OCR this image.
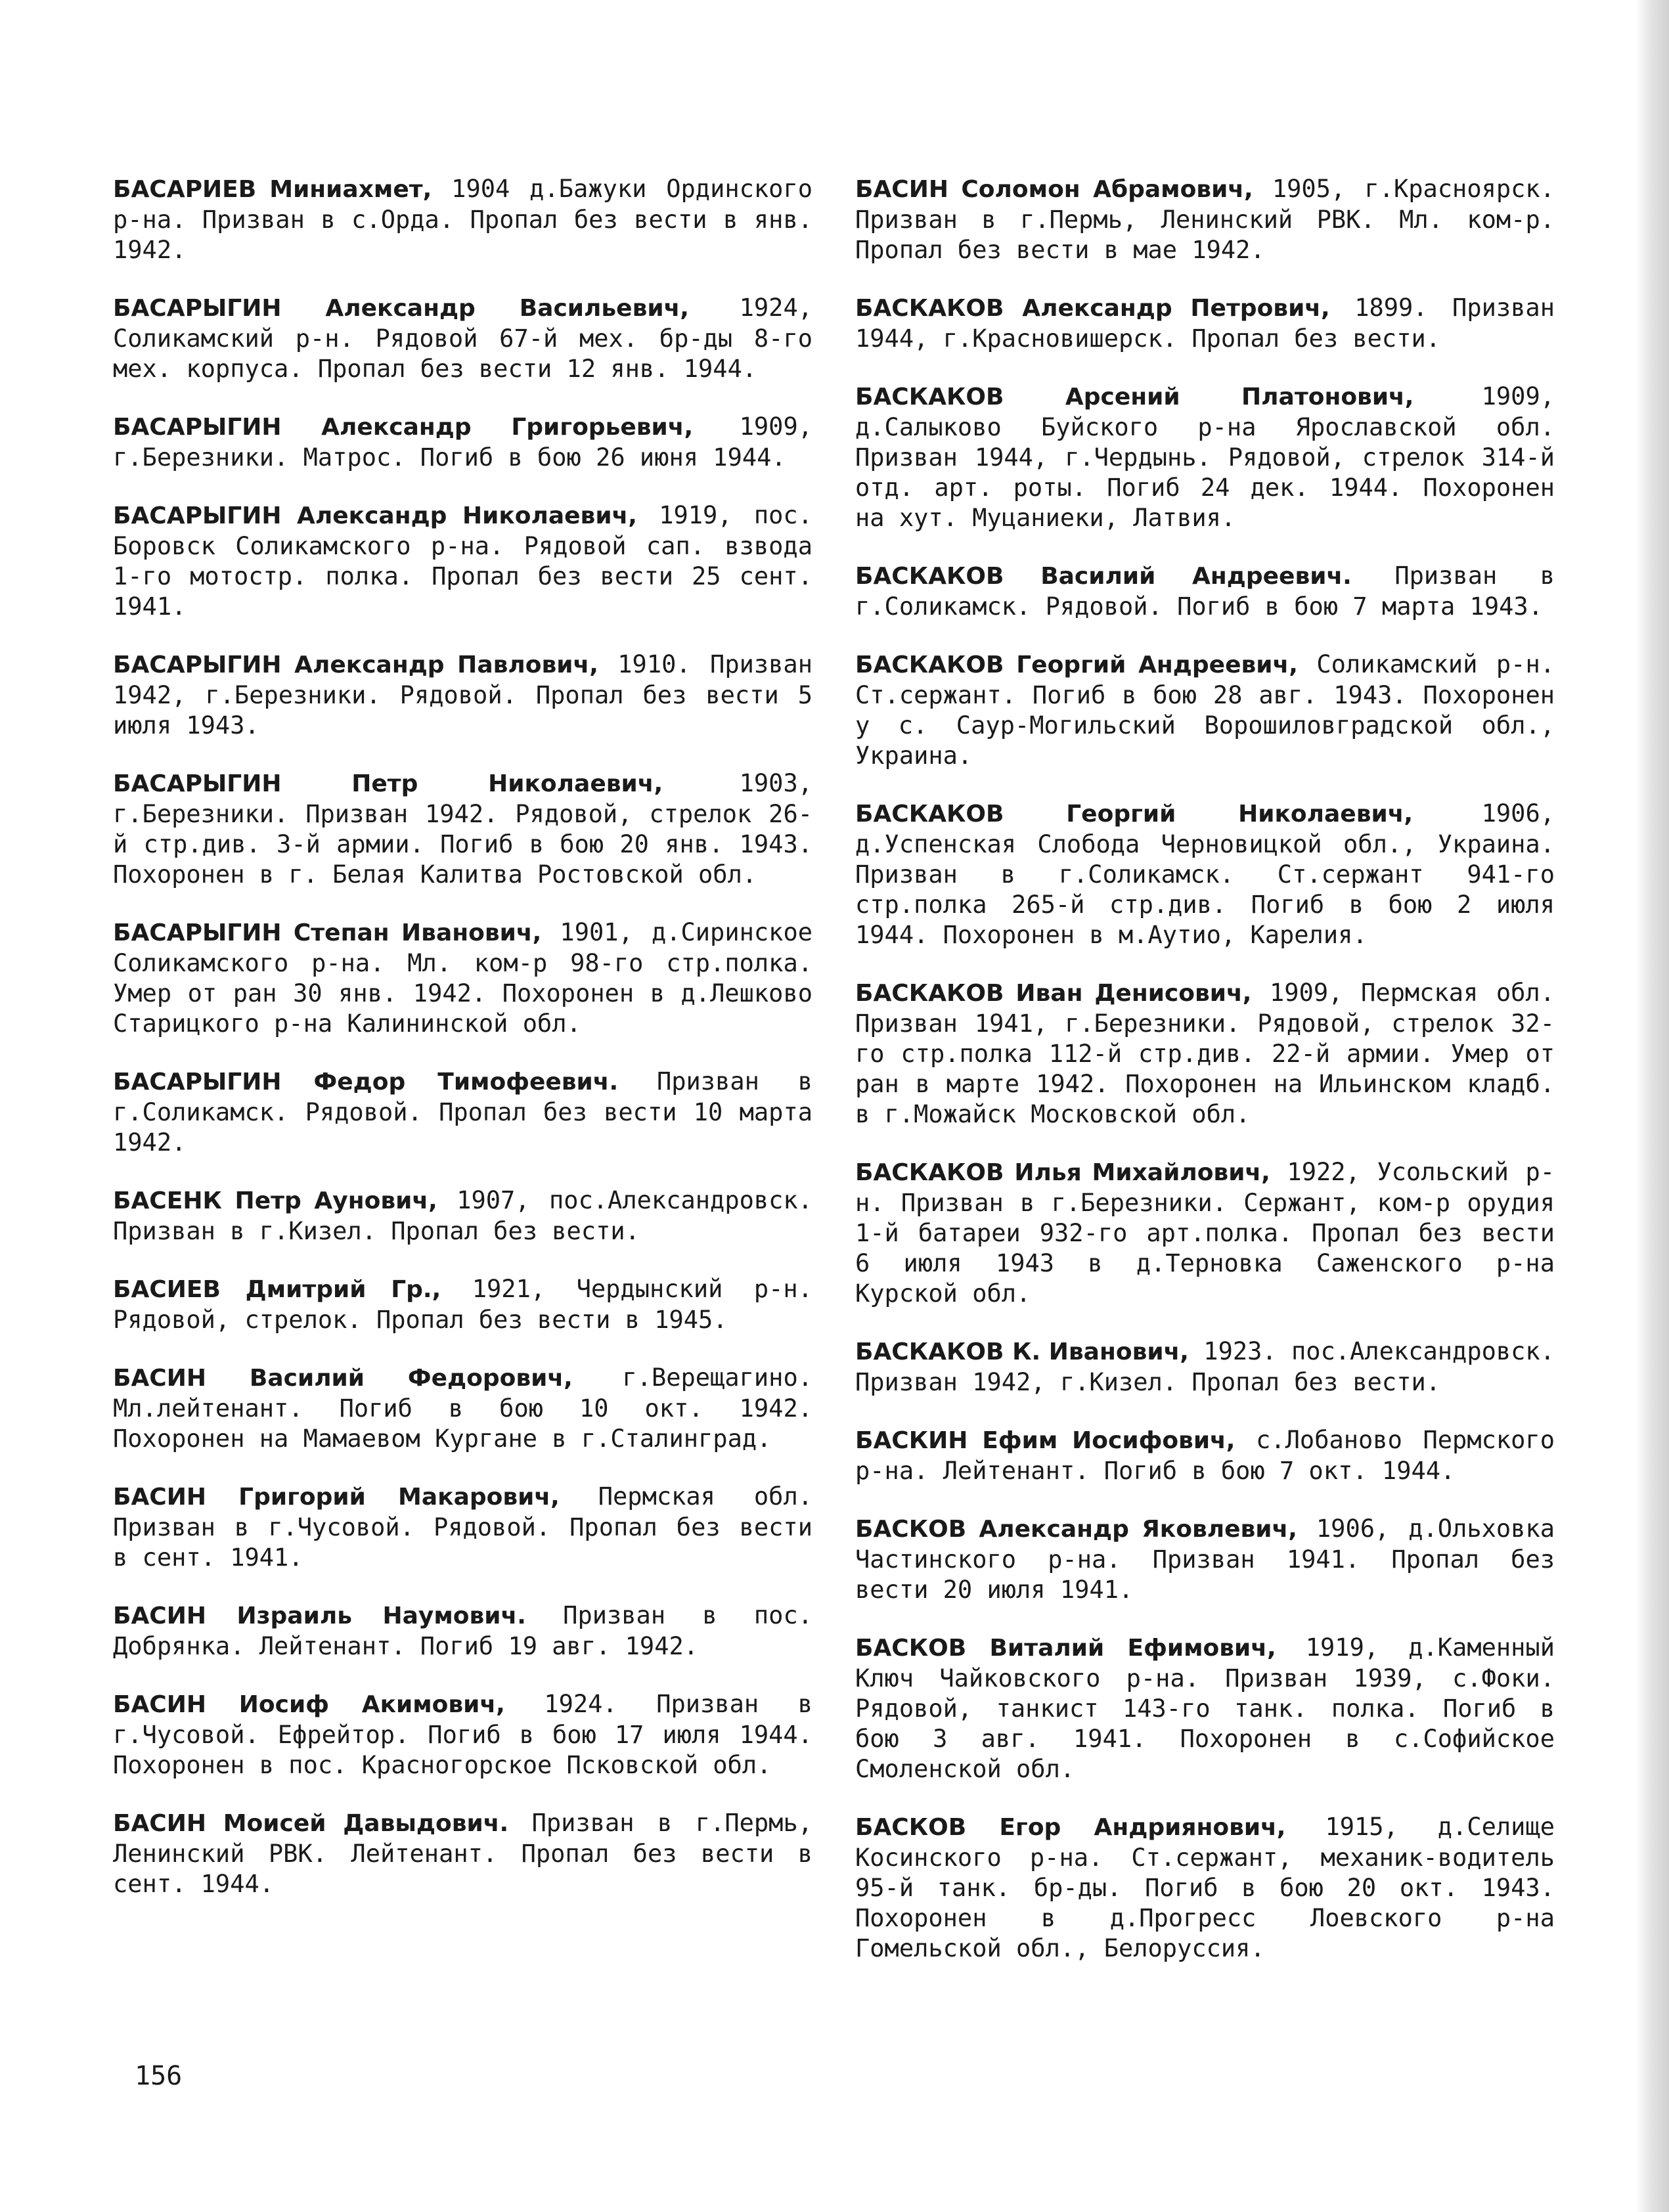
БАСАРИЕВ Миниахмет, 1904 д.Бажуки Ординского р-на. Призван в с.Орда. Пропал без вести в янв. 1942.

БАСАРЫГИН Александр Васильевич, 1924, Соликамский р-н. Рядовой 67-й мех. бр-ды 8-го мех. корпуса. Пропал без вести 12 янв. 1944.

БАСАРЫГИН Александр Григорьевич, 1909, г.Березники. Матрос. Погиб в бою 26 июня 1944.

БАСАРЫГИН Александр Николаевич, 1919, пос. Боровск Соликамского р-на. Рядовой сап. взвода 1-го мотостр. полка. Пропал без вести 25 сент. 1941.

БАСАРЫГИН Александр Павлович, 1910. Призван 1942, г.Березники. Рядовой. Пропал без вести 5 июля 1943.

БАСАРЫГИН Петр Николаевич, 1903, г.Березники. Призван 1942. Рядовой, стрелок 26-й стр.див. 3-й армии. Погиб в бою 20 янв. 1943. Похоронен в г. Белая Калитва Ростовской обл.

БАСАРЫГИН Степан Иванович, 1901, д.Сиринское Соликамского р-на. Мл. ком-р 98-го стр.полка. Умер от ран 30 янв. 1942. Похоронен в д.Лешково Старицкого р-на Калининской обл.

БАСАРЫГИН Федор Тимофеевич. Призван в г.Соликамск. Рядовой. Пропал без вести 10 марта 1942.

БАСЕНК Петр Аунович, 1907, пос.Александровск. Призван в г.Кизел. Пропал без вести.

БАСИЕВ Дмитрий Гр., 1921, Чердынский р-н. Рядовой, стрелок. Пропал без вести в 1945.

БАСИН Василий Федорович, г.Верещагино. Мл.лейтенант. Погиб в бою 10 окт. 1942. Похоронен на Мамаевом Кургане в г.Сталинград.

БАСИН Григорий Макарович, Пермская обл. Призван в г.Чусовой. Рядовой. Пропал без вести в сент. 1941.

БАСИН Израиль Наумович. Призван в пос. Добрянка. Лейтенант. Погиб 19 авг. 1942.

БАСИН Иосиф Акимович, 1924. Призван в г.Чусовой. Ефрейтор. Погиб в бою 17 июля 1944. Похоронен в пос. Красногорское Псковской обл.

БАСИН Моисей Давыдович. Призван в г.Пермь, Ленинский РВК. Лейтенант. Пропал без вести в сент. 1944.

БАСИН Соломон Абрамович, 1905, г.Красноярск. Призван в г.Пермь, Ленинский РВК. Мл. ком-р. Пропал без вести в мае 1942.

БАСКАКОВ Александр Петрович, 1899. Призван 1944, г.Красновишерск. Пропал без вести.

БАСКАКОВ Арсений Платонович, 1909, д.Салыково Буйского р-на Ярославской обл. Призван 1944, г.Чердынь. Рядовой, стрелок 314-й отд. арт. роты. Погиб 24 дек. 1944. Похоронен на хут. Муцаниеки, Латвия.

БАСКАКОВ Василий Андреевич. Призван в г.Соликамск. Рядовой. Погиб в бою 7 марта 1943.

БАСКАКОВ Георгий Андреевич, Соликамский р-н. Ст.сержант. Погиб в бою 28 авг. 1943. Похоронен у с. Саур-Могильский Ворошиловградской обл., Украина.

БАСКАКОВ Георгий Николаевич, 1906, д.Успенская Слобода Черновицкой обл., Украина. Призван в г.Соликамск. Ст.сержант 941-го стр.полка 265-й стр.див. Погиб в бою 2 июля 1944. Похоронен в м.Аутио, Карелия.

БАСКАКОВ Иван Денисович, 1909, Пермская обл. Призван 1941, г.Березники. Рядовой, стрелок 32-го стр.полка 112-й стр.див. 22-й армии. Умер от ран в марте 1942. Похоронен на Ильинском кладб. в г.Можайск Московской обл.

БАСКАКОВ Илья Михайлович, 1922, Усольский р-н. Призван в г.Березники. Сержант, ком-р орудия 1-й батареи 932-го арт.полка. Пропал без вести 6 июля 1943 в д.Терновка Саженского р-на Курской обл.

БАСКАКОВ К. Иванович, 1923. пос.Александровск. Призван 1942, г.Кизел. Пропал без вести.

БАСКИН Ефим Иосифович, с.Лобаново Пермского р-на. Лейтенант. Погиб в бою 7 окт. 1944.

БАСКОВ Александр Яковлевич, 1906, д.Ольховка Частинского р-на. Призван 1941. Пропал без вести 20 июля 1941.

БАСКОВ Виталий Ефимович, 1919, д.Каменный Ключ Чайковского р-на. Призван 1939, с.Фоки. Рядовой, танкист 143-го танк. полка. Погиб в бою 3 авг. 1941. Похоронен в с.Софийское Смоленской обл.

БАСКОВ Егор Андриянович, 1915, д.Селище Косинского р-на. Ст.сержант, механик-водитель 95-й танк. бр-ды. Погиб в бою 20 окт. 1943. Похоронен в д.Прогресс Лоевского р-на Гомельской обл., Белоруссия.

156
